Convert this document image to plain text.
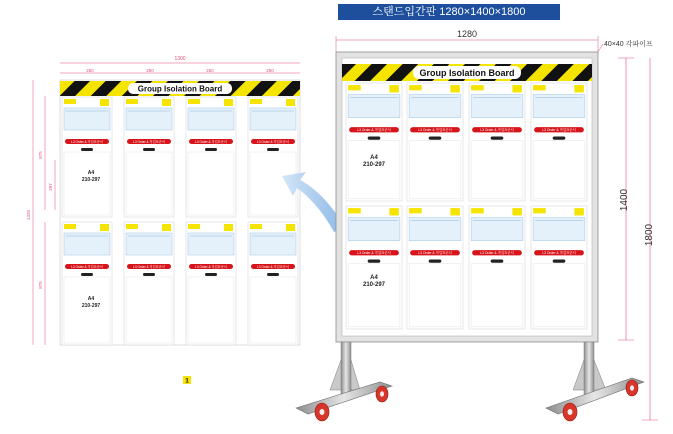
스탠드입간판 1280×1400×1800
1300
250	250	250	250
Group Isolation Board
1325
875
875
297
L3 Order & 작업표준서	L3 Order & 작업표준서	L3 Order & 작업표준서	L3 Order & 작업표준서
L3 Order & 작업표준서	L3 Order & 작업표준서	L3 Order & 작업표준서	L3 Order & 작업표준서
A4
210-297
A4
210-297
1
1280
40×40 각파이프
1400
1800
Group Isolation Board
L3 Order & 작업표준서	L3 Order & 작업표준서	L3 Order & 작업표준서	L3 Order & 작업표준서
L3 Order & 작업표준서	L3 Order & 작업표준서	L3 Order & 작업표준서	L3 Order & 작업표준서
A4
210-297
A4
210-297
